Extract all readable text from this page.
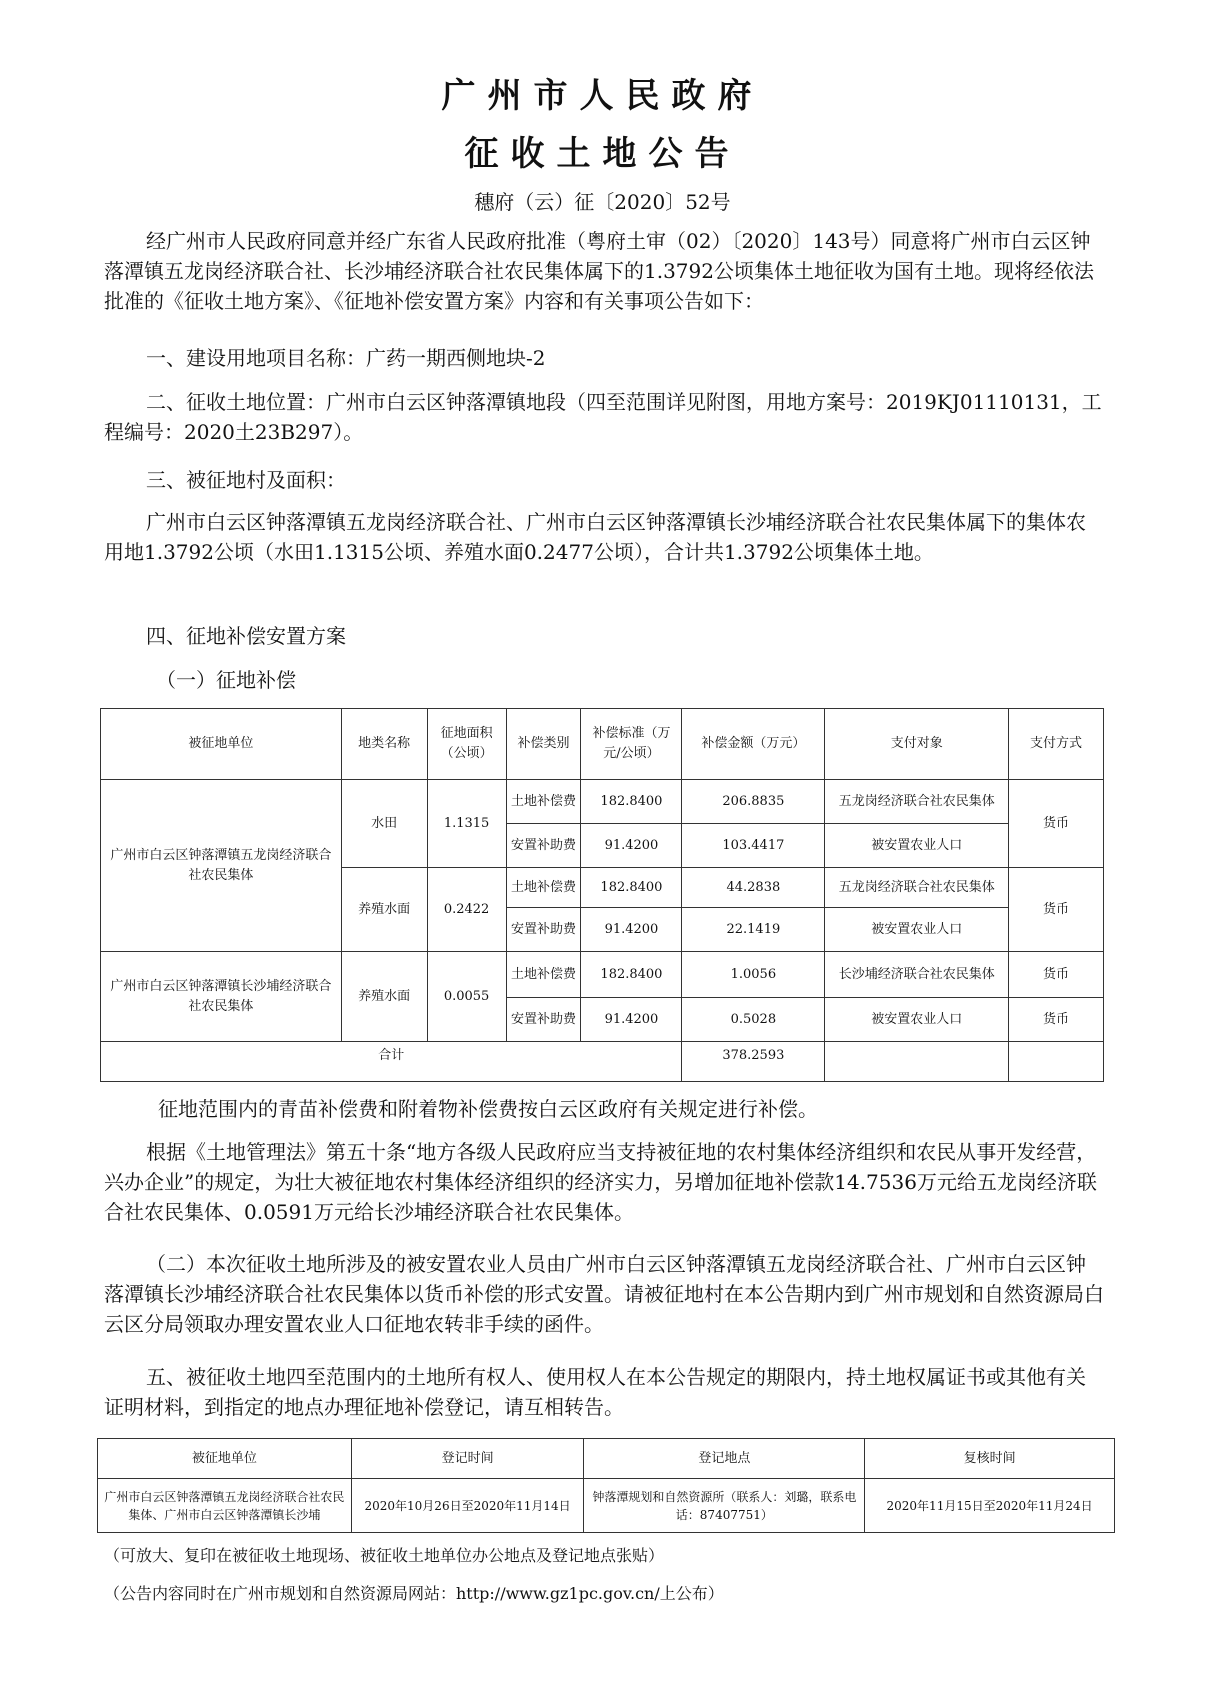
广州市人民政府
征收土地公告
穗府（云）征〔2020〕52号
经广州市人民政府同意并经广东省人民政府批准（粤府土审（02）〔2020〕143号）同意将广州市白云区钟落潭镇五龙岗经济联合社、长沙埔经济联合社农民集体属下的1.3792公顷集体土地征收为国有土地。现将经依法批准的《征收土地方案》、《征地补偿安置方案》内容和有关事项公告如下：
一、建设用地项目名称：广药一期西侧地块-2
二、征收土地位置：广州市白云区钟落潭镇地段（四至范围详见附图，用地方案号：2019KJ01110131，工程编号：2020土23B297）。
三、被征地村及面积：
广州市白云区钟落潭镇五龙岗经济联合社、广州市白云区钟落潭镇长沙埔经济联合社农民集体属下的集体农用地1.3792公顷（水田1.1315公顷、养殖水面0.2477公顷），合计共1.3792公顷集体土地。
四、征地补偿安置方案
（一）征地补偿
被征地单位	地类名称	征地面积（公顷）	补偿类别	补偿标准（万元/公顷）	补偿金额（万元）	支付对象	支付方式
广州市白云区钟落潭镇五龙岗经济联合社农民集体	水田	1.1315	土地补偿费	182.8400	206.8835	五龙岗经济联合社农民集体	货币
			安置补助费	91.4200	103.4417	被安置农业人口	
	养殖水面	0.2422	土地补偿费	182.8400	44.2838	五龙岗经济联合社农民集体	货币
			安置补助费	91.4200	22.1419	被安置农业人口	
广州市白云区钟落潭镇长沙埔经济联合社农民集体	养殖水面	0.0055	土地补偿费	182.8400	1.0056	长沙埔经济联合社农民集体	货币
			安置补助费	91.4200	0.5028	被安置农业人口	货币
合计					378.2593		
征地范围内的青苗补偿费和附着物补偿费按白云区政府有关规定进行补偿。
根据《土地管理法》第五十条“地方各级人民政府应当支持被征地的农村集体经济组织和农民从事开发经营，兴办企业”的规定，为壮大被征地农村集体经济组织的经济实力，另增加征地补偿款14.7536万元给五龙岗经济联合社农民集体、0.0591万元给长沙埔经济联合社农民集体。
（二）本次征收土地所涉及的被安置农业人员由广州市白云区钟落潭镇五龙岗经济联合社、广州市白云区钟落潭镇长沙埔经济联合社农民集体以货币补偿的形式安置。请被征地村在本公告期内到广州市规划和自然资源局白云区分局领取办理安置农业人口征地农转非手续的函件。
五、被征收土地四至范围内的土地所有权人、使用权人在本公告规定的期限内，持土地权属证书或其他有关证明材料，到指定的地点办理征地补偿登记，请互相转告。
被征地单位	登记时间	登记地点	复核时间
广州市白云区钟落潭镇五龙岗经济联合社农民集体、广州市白云区钟落潭镇长沙埔	2020年10月26日至2020年11月14日	钟落潭规划和自然资源所（联系人：刘璐，联系电话：87407751）	2020年11月15日至2020年11月24日
（可放大、复印在被征收土地现场、被征收土地单位办公地点及登记地点张贴）
（公告内容同时在广州市规划和自然资源局网站：http://www.gz1pc.gov.cn/上公布）
